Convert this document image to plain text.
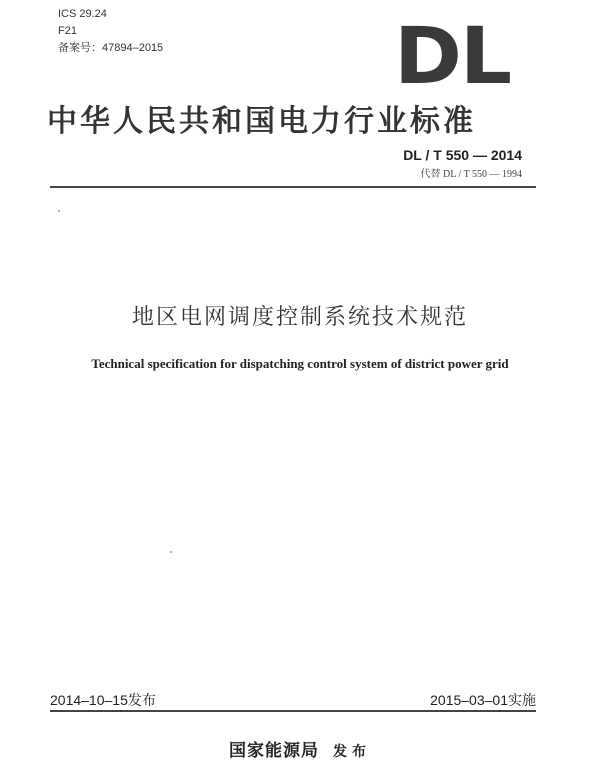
ICS 29.24
F21
备案号：47894–2015	DL
中华人民共和国电力行业标准
DL / T 550 — 2014
代替 DL / T 550 — 1994
地区电网调度控制系统技术规范
Technical specification for dispatching control system of district power grid
2014–10–15发布	2015–03–01实施
国家能源局 发布
